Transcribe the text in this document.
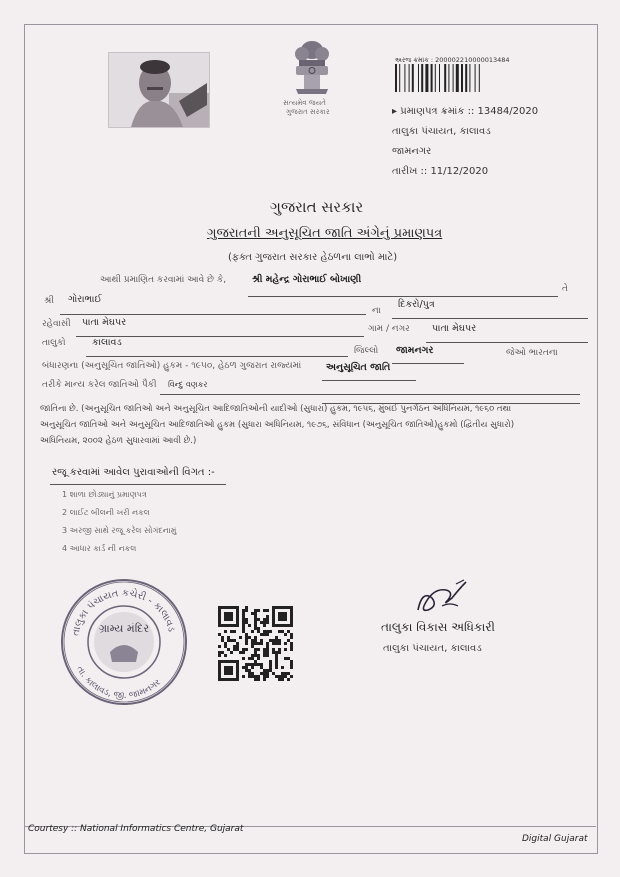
સત્યમેવ જયતે
ગુજરાત સરકાર
અરજ ક્રમાંક : 200002210000013484
▸ પ્રમાણપત્ર ક્રમાંક :: 13484/2020
તાલુકા પંચાયત, કાલાવડ
જામનગર
તારીખ :: 11/12/2020
ગુજરાત સરકાર
ગુજરાતની અનુસૂચિત જાતિ અંગેનું પ્રમાણપત્ર
(ફક્ત ગુજરાત સરકાર હેઠળના લાભો માટે)
આથી પ્રમાણિત કરવામાં આવે છે કે,	શ્રી મહેન્દ્ર ગોરાભાઈ બોખાણી
તે
શ્રી ગોરાભાઈ
ના
દિકરો/પુત્ર
રહેવાસી પાતા મેઘપર
ગામ / નગર પાતા મેઘપર
તાલુકો	કાલાવડ
જિલ્લો જામનગર	જેઓ ભારતના
બંધારણના (અનુસૂચિત જાતિઓ) હુકમ - ૧૯૫૦, હેઠળ ગુજરાત રાજ્યમાં	અનુસૂચિત જાતિ
તરીકે માન્ય કરેલ જાતિઓ પૈકી વિન્દુ વણકર
જાતિના છે. (અનુસૂચિત જાતિઓ અને અનુસૂચિત આદિજાતિઓની યાદીઓ (સુધારા) હુકમ, ૧૯૫૬, મુંબઈ પુનર્ગઠન અધિનિયમ, ૧૯૬૦ તથા
અનુસૂચિત જાતિઓ અને અનુસૂચિત આદિજાતિઓ હુકમ (સુધારા અધિનિયમ, ૧૯૭૬, સંવિધાન (અનુસૂચિત જાતિઓ)હુકમો (દ્વિતીય સુધારો)
અધિનિયમ, ૨૦૦૨ હેઠળ સુધારવામાં આવી છે.)
રજૂ કરવામાં આવેલ પુરાવાઓની વિગત :-
1 શાળા છોડ્યાનું પ્રમાણપત્ર
2 લાઈટ બીલની ખરી નકલ
3 અરજી સાથે રજૂ કરેલ સોગંદનામું
4 આધાર કાર્ડ ની નકલ
તાલુકા પંચાયત કચેરી - કાલાવડ
તા. કાલાવડ, જી. જામનગર
ગ્રામ્ય મંદિર	તાલુકા વિકાસ અધિકારી
તાલુકા પંચાયત, કાલાવડ
Courtesy :: National Informatics Centre, Gujarat
Digital Gujarat
